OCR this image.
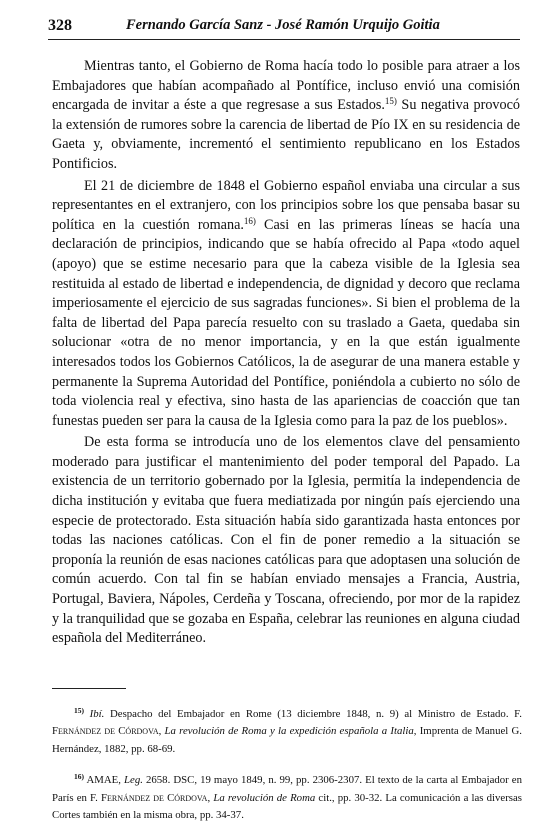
328	Fernando García Sanz - José Ramón Urquijo Goitia

Mientras tanto, el Gobierno de Roma hacía todo lo posible para atraer a los Embajadores que habían acompañado al Pontífice, incluso envió una comisión encargada de invitar a éste a que regresase a sus Estados.$^{15)}$ Su negativa provocó la extensión de rumores sobre la carencia de libertad de Pío IX en su residencia de Gaeta y, obviamente, incrementó el sentimiento republicano en los Estados Pontificios.

El 21 de diciembre de 1848 el Gobierno español enviaba una circular a sus representantes en el extranjero, con los principios sobre los que pensaba basar su política en la cuestión romana.$^{16)}$ Casi en las primeras líneas se hacía una declaración de principios, indicando que se había ofrecido al Papa «todo aquel (apoyo) que se estime necesario para que la cabeza visible de la Iglesia sea restituida al estado de libertad e independencia, de dignidad y decoro que reclama imperiosamente el ejercicio de sus sagradas funciones». Si bien el problema de la falta de libertad del Papa parecía resuelto con su traslado a Gaeta, quedaba sin solucionar «otra de no menor importancia, y en la que están igualmente interesados todos los Gobiernos Católicos, la de asegurar de una manera estable y permanente la Suprema Autoridad del Pontífice, poniéndola a cubierto no sólo de toda violencia real y efectiva, sino hasta de las apariencias de coacción que tan funestas pueden ser para la causa de la Iglesia como para la paz de los pueblos».

De esta forma se introducía uno de los elementos clave del pensamiento moderado para justificar el mantenimiento del poder temporal del Papado. La existencia de un territorio gobernado por la Iglesia, permitía la independencia de dicha institución y evitaba que fuera mediatizada por ningún país ejerciendo una especie de protectorado. Esta situación había sido garantizada hasta entonces por todas las naciones católicas. Con el fin de poner remedio a la situación se proponía la reunión de esas naciones católicas para que adoptasen una solución de común acuerdo. Con tal fin se habían enviado mensajes a Francia, Austria, Portugal, Baviera, Nápoles, Cerdeña y Toscana, ofreciendo, por mor de la rapidez y la tranquilidad que se gozaba en España, celebrar las reuniones en alguna ciudad española del Mediterráneo.

$^{15)}$ Ibí. Despacho del Embajador en Rome (13 diciembre 1848, n. 9) al Ministro de Estado. F. Fernández de Córdova, La revolución de Roma y la expedición española a Italia, Imprenta de Manuel G. Hernández, 1882, pp. 68-69.

$^{16)}$ AMAE, Leg. 2658. DSC, 19 mayo 1849, n. 99, pp. 2306-2307. El texto de la carta al Embajador en París en F. Fernández de Córdova, La revolución de Roma cit., pp. 30-32. La comunicación a las diversas Cortes también en la misma obra, pp. 34-37.
